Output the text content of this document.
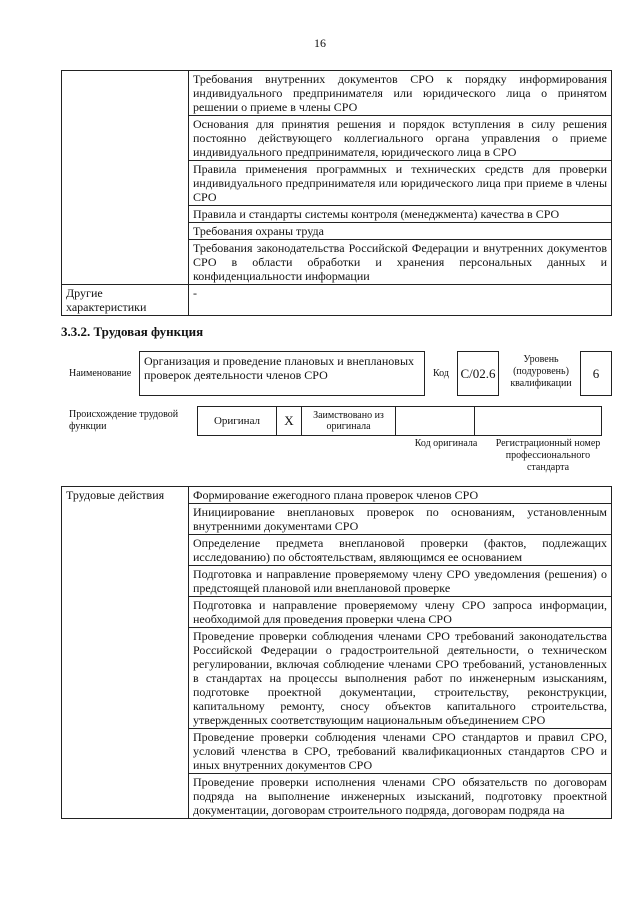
16
	Требования внутренних документов СРО к порядку информирования индивидуального предпринимателя или юридического лица о принятом решении о приеме в члены СРО
	Основания для принятия решения и порядок вступления в силу решения постоянно действующего коллегиального органа управления о приеме индивидуального предпринимателя, юридического лица в СРО
	Правила применения программных и технических средств для проверки индивидуального предпринимателя или юридического лица при приеме в члены СРО
	Правила и стандарты системы контроля (менеджмента) качества в СРО
	Требования охраны труда
	Требования законодательства Российской Федерации и внутренних документов СРО в области обработки и хранения персональных данных и конфиденциальности информации
Другие характеристики	-
3.3.2. Трудовая функция
Наименование
Организация и проведение плановых и внеплановых проверок деятельности членов СРО	Код С/02.6
Уровень (подуровень) квалификации
6
Происхождение трудовой функции	Оригинал	X	Заимствовано из оригинала		
Код оригинала	Регистрационный номер профессионального стандарта
Трудовые действия	Формирование ежегодного плана проверок членов СРО
Инициирование внеплановых проверок по основаниям, установленным внутренними документами СРО
Определение предмета внеплановой проверки (фактов, подлежащих исследованию) по обстоятельствам, являющимся ее основанием
Подготовка и направление проверяемому члену СРО уведомления (решения) о предстоящей плановой или внеплановой проверке
Подготовка и направление проверяемому члену СРО запроса информации, необходимой для проведения проверки члена СРО
Проведение проверки соблюдения членами СРО требований законодательства Российской Федерации о градостроительной деятельности, о техническом регулировании, включая соблюдение членами СРО требований, установленных в стандартах на процессы выполнения работ по инженерным изысканиям, подготовке проектной документации, строительству, реконструкции, капитальному ремонту, сносу объектов капитального строительства, утвержденных соответствующим национальным объединением СРО
Проведение проверки соблюдения членами СРО стандартов и правил СРО, условий членства в СРО, требований квалификационных стандартов СРО и иных внутренних документов СРО
Проведение проверки исполнения членами СРО обязательств по договорам подряда на выполнение инженерных изысканий, подготовку проектной документации, договорам строительного подряда, договорам подряда на
